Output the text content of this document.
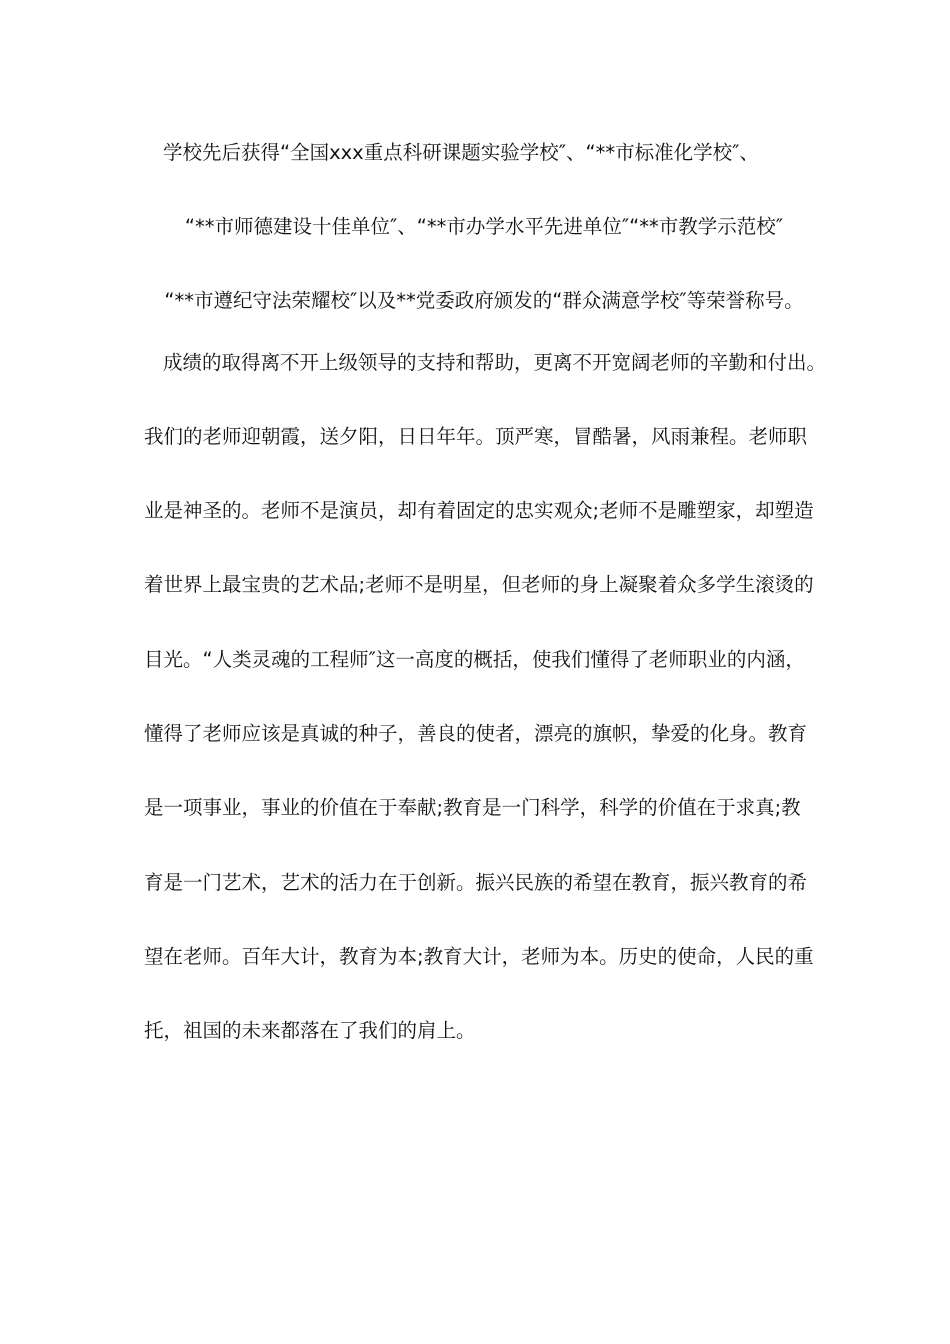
学校先后获得“全国xxx重点科研课题实验学校″、“**市标准化学校″、
“**市师德建设十佳单位″、“**市办学水平先进单位″“**市教学示范校″
“**市遵纪守法荣耀校″以及**党委政府颁发的“群众满意学校″等荣誉称号。
成绩的取得离不开上级领导的支持和帮助，更离不开宽阔老师的辛勤和付出。
我们的老师迎朝霞，送夕阳，日日年年。顶严寒，冒酷暑，风雨兼程。老师职
业是神圣的。老师不是演员，却有着固定的忠实观众;老师不是雕塑家，却塑造
着世界上最宝贵的艺术品;老师不是明星，但老师的身上凝聚着众多学生滚烫的
目光。“人类灵魂的工程师″这一高度的概括，使我们懂得了老师职业的内涵，
懂得了老师应该是真诚的种子，善良的使者，漂亮的旗帜，挚爱的化身。教育
是一项事业，事业的价值在于奉献;教育是一门科学，科学的价值在于求真;教
育是一门艺术，艺术的活力在于创新。振兴民族的希望在教育，振兴教育的希
望在老师。百年大计，教育为本;教育大计，老师为本。历史的使命，人民的重
托，祖国的未来都落在了我们的肩上。
